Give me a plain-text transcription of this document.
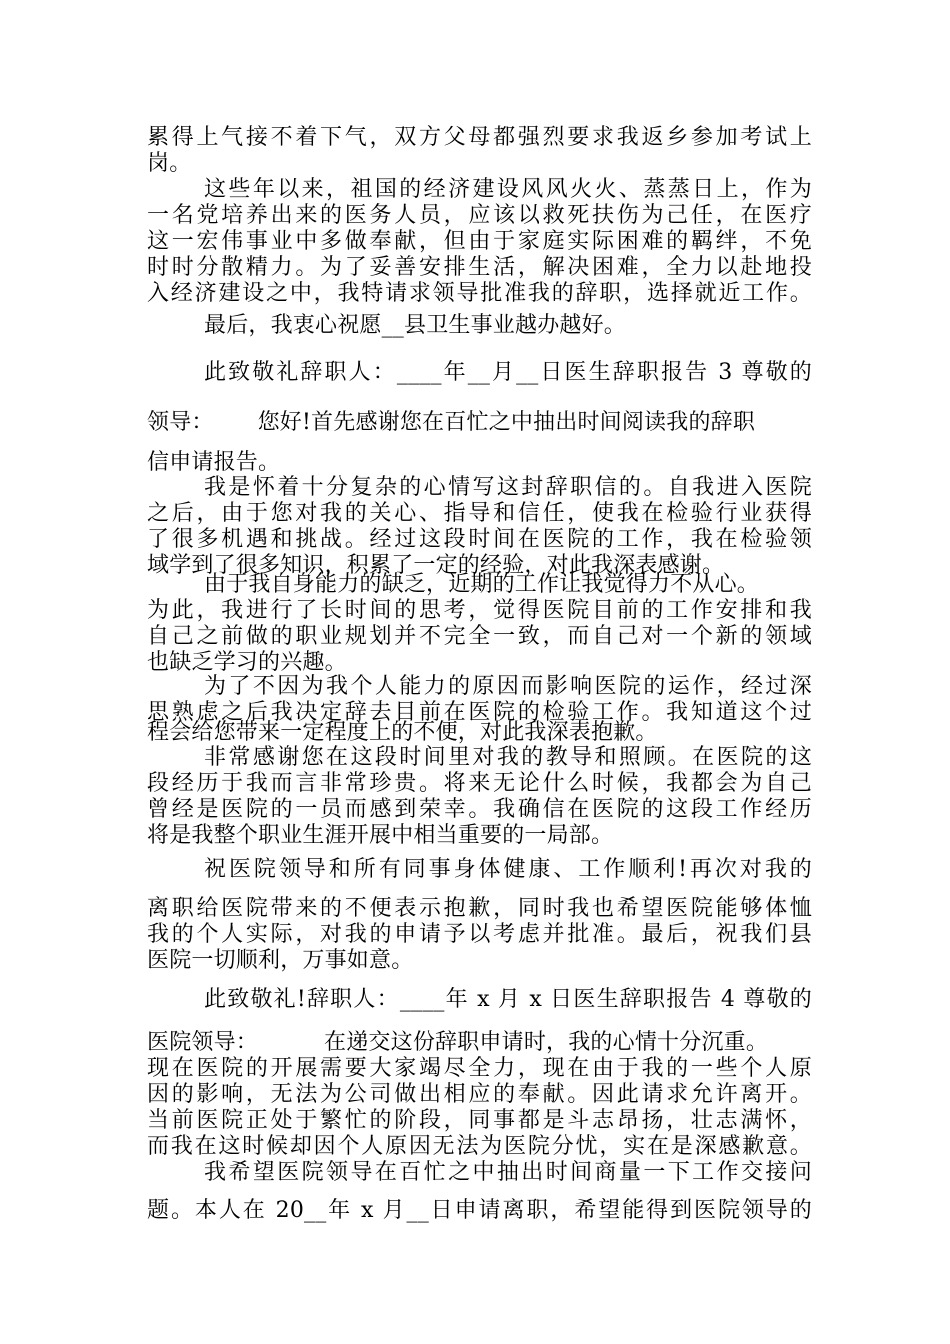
累得上气接不着下气，双方父母都强烈要求我返乡参加考试上
岗。
这些年以来，祖国的经济建设风风火火、蒸蒸日上，作为
一名党培养出来的医务人员，应该以救死扶伤为己任，在医疗
这一宏伟事业中多做奉献，但由于家庭实际困难的羁绊，不免
时时分散精力。为了妥善安排生活，解决困难，全力以赴地投
入经济建设之中，我特请求领导批准我的辞职，选择就近工作。
最后，我衷心祝愿__县卫生事业越办越好。
此致敬礼辞职人：____年__月__日医生辞职报告 3 尊敬的
领导： 您好!首先感谢您在百忙之中抽出时间阅读我的辞职
信申请报告。
我是怀着十分复杂的心情写这封辞职信的。自我进入医院
之后，由于您对我的关心、指导和信任，使我在检验行业获得
了很多机遇和挑战。经过这段时间在医院的工作，我在检验领
域学到了很多知识，积累了一定的经验，对此我深表感谢。
由于我自身能力的缺乏，近期的工作让我觉得力不从心。
为此，我进行了长时间的思考，觉得医院目前的工作安排和我
自己之前做的职业规划并不完全一致，而自己对一个新的领域
也缺乏学习的兴趣。
为了不因为我个人能力的原因而影响医院的运作，经过深
思熟虑之后我决定辞去目前在医院的检验工作。我知道这个过
程会给您带来一定程度上的不便，对此我深表抱歉。
非常感谢您在这段时间里对我的教导和照顾。在医院的这
段经历于我而言非常珍贵。将来无论什么时候，我都会为自己
曾经是医院的一员而感到荣幸。我确信在医院的这段工作经历
将是我整个职业生涯开展中相当重要的一局部。
祝医院领导和所有同事身体健康、工作顺利!再次对我的
离职给医院带来的不便表示抱歉，同时我也希望医院能够体恤
我的个人实际，对我的申请予以考虑并批准。最后，祝我们县
医院一切顺利，万事如意。
此致敬礼!辞职人：____年 x 月 x 日医生辞职报告 4 尊敬的
医院领导：	在递交这份辞职申请时，我的心情十分沉重。
现在医院的开展需要大家竭尽全力，现在由于我的一些个人原
因的影响，无法为公司做出相应的奉献。因此请求允许离开。
当前医院正处于繁忙的阶段，同事都是斗志昂扬，壮志满怀，
而我在这时候却因个人原因无法为医院分忧，实在是深感歉意。
我希望医院领导在百忙之中抽出时间商量一下工作交接问
题。本人在 20__年 x 月__日申请离职，希望能得到医院领导的
